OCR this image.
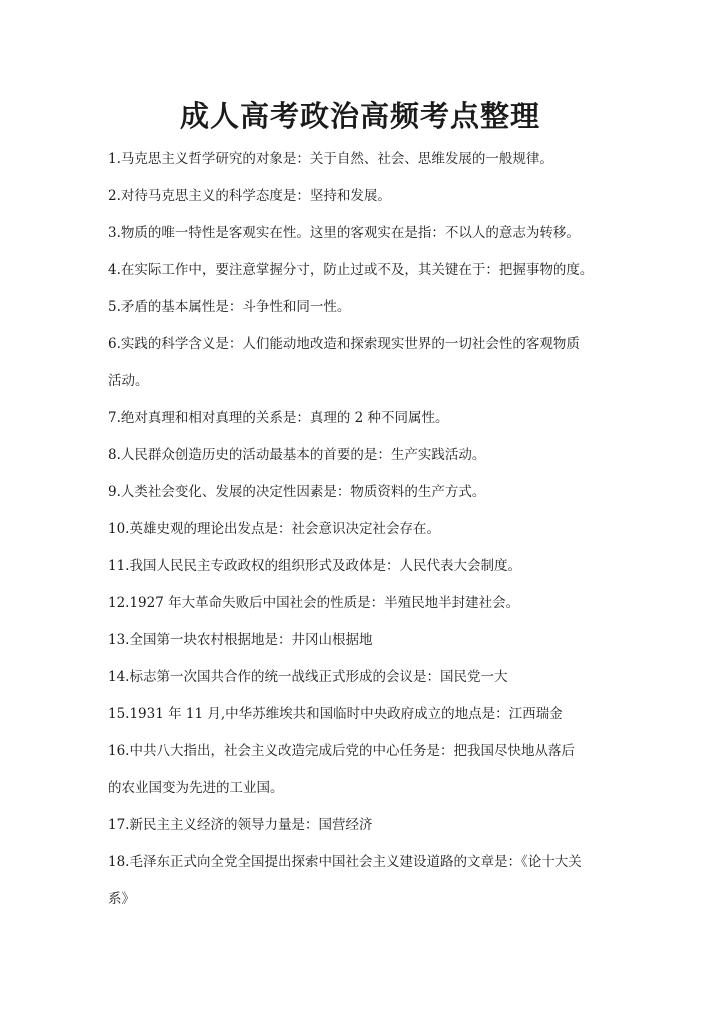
成人高考政治高频考点整理
1.马克思主义哲学研究的对象是：关于自然、社会、思维发展的一般规律。
2.对待马克思主义的科学态度是：坚持和发展。
3.物质的唯一特性是客观实在性。这里的客观实在是指：不以人的意志为转移。
4.在实际工作中，要注意掌握分寸，防止过或不及，其关键在于：把握事物的度。
5.矛盾的基本属性是：斗争性和同一性。
6.实践的科学含义是：人们能动地改造和探索现实世界的一切社会性的客观物质
活动。
7.绝对真理和相对真理的关系是：真理的 2 种不同属性。
8.人民群众创造历史的活动最基本的首要的是：生产实践活动。
9.人类社会变化、发展的决定性因素是：物质资料的生产方式。
10.英雄史观的理论出发点是：社会意识决定社会存在。
11.我国人民民主专政政权的组织形式及政体是：人民代表大会制度。
12.1927 年大革命失败后中国社会的性质是：半殖民地半封建社会。
13.全国第一块农村根据地是：井冈山根据地
14.标志第一次国共合作的统一战线正式形成的会议是：国民党一大
15.1931 年 11 月,中华苏维埃共和国临时中央政府成立的地点是：江西瑞金
16.中共八大指出，社会主义改造完成后党的中心任务是：把我国尽快地从落后
的农业国变为先进的工业国。
17.新民主主义经济的领导力量是：国营经济
18.毛泽东正式向全党全国提出探索中国社会主义建设道路的文章是：《论十大关
系》
